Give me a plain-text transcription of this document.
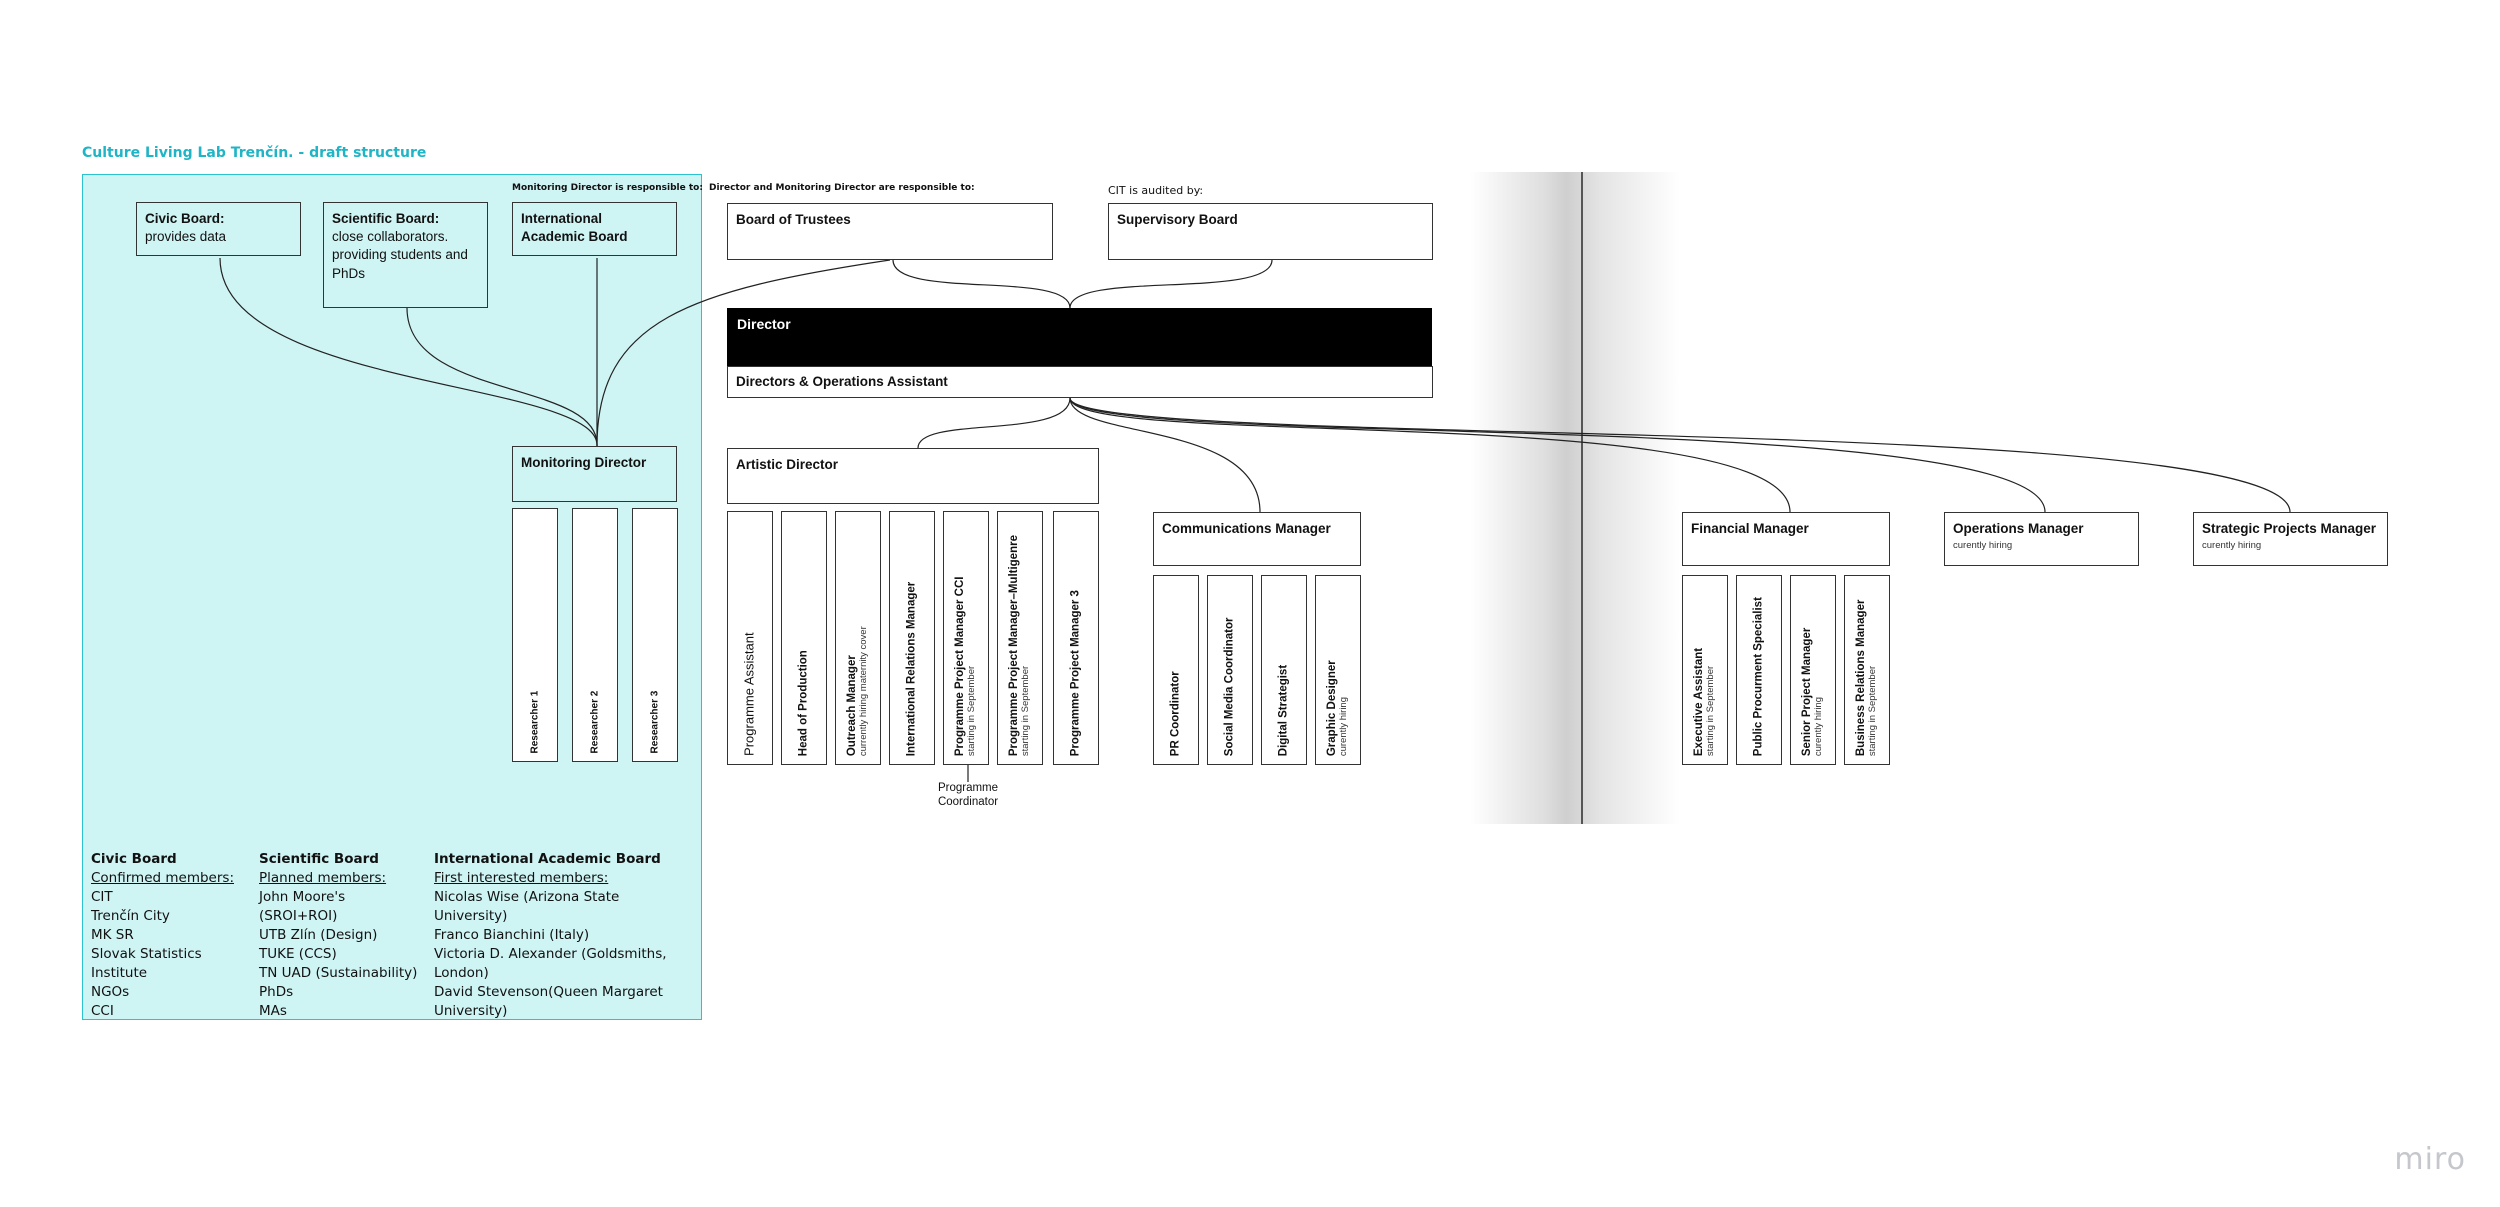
Culture Living Lab Trenčín. - draft structure
Monitoring Director is responsible to: Director and Monitoring Director are responsible to:	CIT is audited by:
Civic Board:
provides data
Scientific Board:
close collaborators. providing students and PhDs
International Academic Board
Monitoring Director
Researcher 1	Researcher 2	Researcher 3
Board of Trustees	Supervisory Board
Director
Directors & Operations Assistant
Artistic Director
Programme Assistant	Head of Production	Outreach Manager currently hiring maternity cover	International Relations Manager	Programme Project Manager CCI starting in September	Programme Project Manager–Multigenre starting in September	Programme Project Manager 3
Programme Coordinator
Communications Manager
PR Coordinator	Social Media Coordinator	Digital Strategist	Graphic Designer curently hiring
Financial Manager
Executive Assistant starting in September	Public Procurment Specialist	Senior Project Manager curently hiring	Business Relations Manager starting in September
Operations Manager
curently hiring
Strategic Projects Manager
curently hiring
Civic Board
Confirmed members:
CIT
Trenčín City
MK SR
Slovak Statistics Institute
NGOs
CCI
Scientific Board
Planned members:
John Moore's (SROI+ROI)
UTB Zlín (Design)
TUKE (CCS)
TN UAD (Sustainability)
PhDs
MAs
International Academic Board
First interested members:
Nicolas Wise (Arizona State University)
Franco Bianchini (Italy)
Victoria D. Alexander (Goldsmiths, London)
David Stevenson(Queen Margaret University)
miro
